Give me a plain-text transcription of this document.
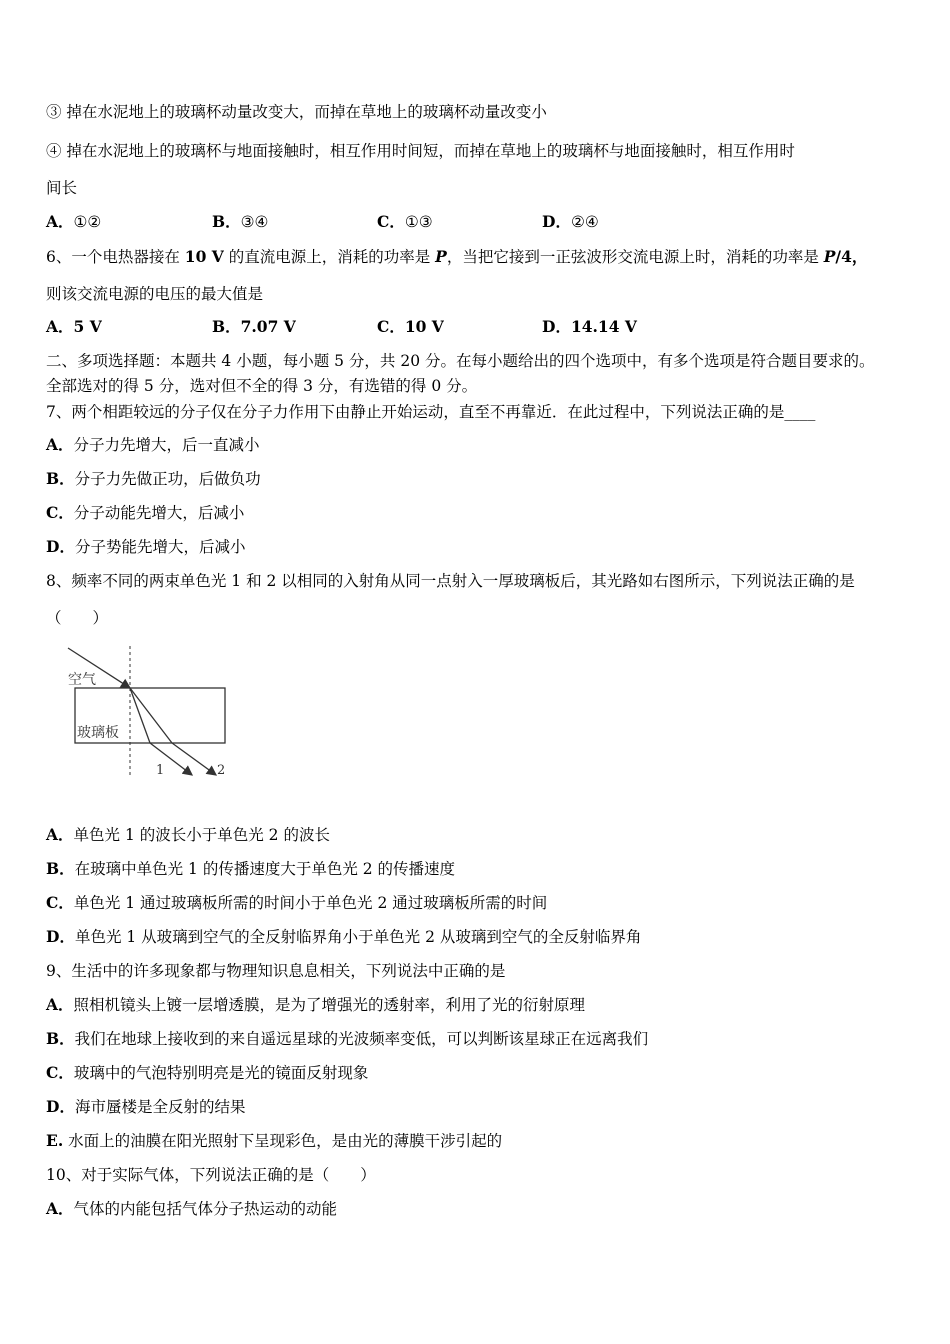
③ 掉在水泥地上的玻璃杯动量改变大，而掉在草地上的玻璃杯动量改变小
④ 掉在水泥地上的玻璃杯与地面接触时，相互作用时间短，而掉在草地上的玻璃杯与地面接触时，相互作用时
间长
A．①②	B．③④	C．①③	D．②④
6、一个电热器接在 10 V 的直流电源上，消耗的功率是 P，当把它接到一正弦波形交流电源上时，消耗的功率是 P/4，
则该交流电源的电压的最大值是
A．5 V	B．7.07 V	C．10 V	D．14.14 V
二、多项选择题：本题共 4 小题，每小题 5 分，共 20 分。在每小题给出的四个选项中，有多个选项是符合题目要求的。
全部选对的得 5 分，选对但不全的得 3 分，有选错的得 0 分。
7、两个相距较远的分子仅在分子力作用下由静止开始运动，直至不再靠近．在此过程中，下列说法正确的是____
A．分子力先增大，后一直减小
B．分子力先做正功，后做负功
C．分子动能先增大，后减小
D．分子势能先增大，后减小
8、频率不同的两束单色光 1 和 2 以相同的入射角从同一点射入一厚玻璃板后，其光路如右图所示，下列说法正确的是
（　　）
空气
玻璃板
1	2
A．单色光 1 的波长小于单色光 2 的波长
B．在玻璃中单色光 1 的传播速度大于单色光 2 的传播速度
C．单色光 1 通过玻璃板所需的时间小于单色光 2 通过玻璃板所需的时间
D．单色光 1 从玻璃到空气的全反射临界角小于单色光 2 从玻璃到空气的全反射临界角
9、生活中的许多现象都与物理知识息息相关，下列说法中正确的是
A．照相机镜头上镀一层增透膜，是为了增强光的透射率，利用了光的衍射原理
B．我们在地球上接收到的来自遥远星球的光波频率变低，可以判断该星球正在远离我们
C．玻璃中的气泡特别明亮是光的镜面反射现象
D．海市蜃楼是全反射的结果
E. 水面上的油膜在阳光照射下呈现彩色，是由光的薄膜干涉引起的
10、对于实际气体，下列说法正确的是（　　）
A．气体的内能包括气体分子热运动的动能
